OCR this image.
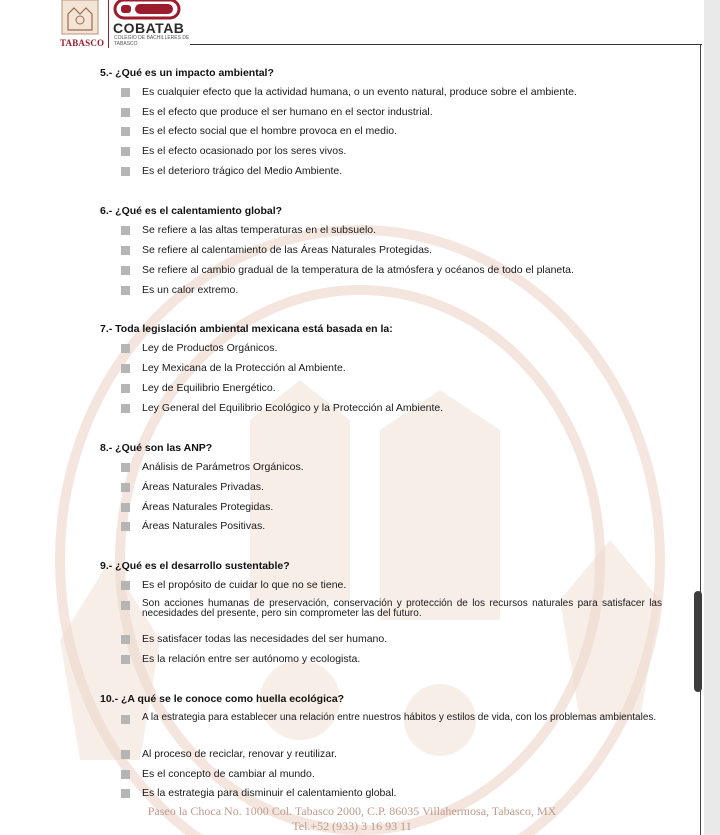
TABASCO
COBATAB
COLEGIO DE BACHILLERES DE TABASCO
5.- ¿Qué es un impacto ambiental?
Es cualquier efecto que la actividad humana, o un evento natural, produce sobre el ambiente.
Es el efecto que produce el ser humano en el sector industrial.
Es el efecto social que el hombre provoca en el medio.
Es el efecto ocasionado por los seres vivos.
Es el deterioro trágico del Medio Ambiente.
6.- ¿Qué es el calentamiento global?
Se refiere a las altas temperaturas en el subsuelo.
Se refiere al calentamiento de las Áreas Naturales Protegidas.
Se refiere al cambio gradual de la temperatura de la atmósfera y océanos de todo el planeta.
Es un calor extremo.
7.- Toda legislación ambiental mexicana está basada en la:
Ley de Productos Orgánicos.
Ley Mexicana de la Protección al Ambiente.
Ley de Equilibrio Energético.
Ley General del Equilibrio Ecológico y la Protección al Ambiente.
8.- ¿Qué son las ANP?
Análisis de Parámetros Orgánicos.
Áreas Naturales Privadas.
Áreas Naturales Protegidas.
Áreas Naturales Positivas.
9.- ¿Qué es el desarrollo sustentable?
Es el propósito de cuidar lo que no se tiene.
Son acciones humanas de preservación, conservación y protección de los recursos naturales para satisfacer las necesidades del presente, pero sin comprometer las del futuro.
Es satisfacer todas las necesidades del ser humano.
Es la relación entre ser autónomo y ecologista.
10.- ¿A qué se le conoce como huella ecológica?
A la estrategia para establecer una relación entre nuestros hábitos y estilos de vida, con los problemas ambientales.
Al proceso de reciclar, renovar y reutilizar.
Es el concepto de cambiar al mundo.
Es la estrategia para disminuir el calentamiento global.
Paseo la Choca No. 1000 Col. Tabasco 2000, C.P. 86035 Villahermosa, Tabasco, MX
Tel.+52 (933) 3 16 93 11
